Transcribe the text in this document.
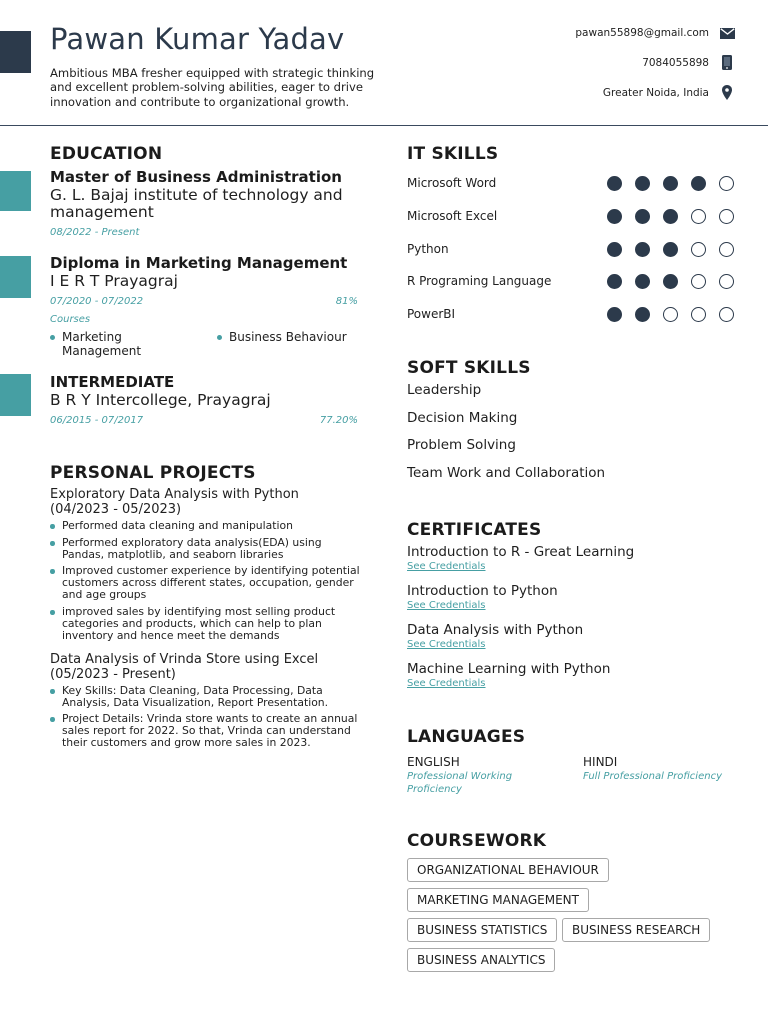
Pawan Kumar Yadav

Ambitious MBA fresher equipped with strategic thinking and excellent problem-solving abilities, eager to drive innovation and contribute to organizational growth.

pawan55898@gmail.com
7084055898
Greater Noida, India
EDUCATION
Master of Business Administration
G. L. Bajaj institute of technology and management
08/2022 - Present
Diploma in Marketing Management
I E R T Prayagraj
07/2020 - 07/2022	81%
Courses
Marketing Management
Business Behaviour
INTERMEDIATE
B R Y Intercollege, Prayagraj
06/2015 - 07/2017	77.20%
PERSONAL PROJECTS
Exploratory Data Analysis with Python (04/2023 - 05/2023)
Performed data cleaning and manipulation
Performed exploratory data analysis(EDA) using Pandas, matplotlib, and seaborn libraries
Improved customer experience by identifying potential customers across different states, occupation, gender and age groups
improved sales by identifying most selling product categories and products, which can help to plan inventory and hence meet the demands
Data Analysis of Vrinda Store using Excel (05/2023 - Present)
Key Skills: Data Cleaning, Data Processing, Data Analysis, Data Visualization, Report Presentation.
Project Details: Vrinda store wants to create an annual sales report for 2022. So that, Vrinda can understand their customers and grow more sales in 2023.
IT SKILLS
Microsoft Word
Microsoft Excel
Python
R Programing Language
PowerBI
SOFT SKILLS
Leadership
Decision Making
Problem Solving
Team Work and Collaboration
CERTIFICATES
Introduction to R - Great Learning
See Credentials
Introduction to Python
See Credentials
Data Analysis with Python
See Credentials
Machine Learning with Python
See Credentials
LANGUAGES
ENGLISH
Professional Working Proficiency
HINDI
Full Professional Proficiency
COURSEWORK
ORGANIZATIONAL BEHAVIOUR
MARKETING MANAGEMENT
BUSINESS STATISTICS	BUSINESS RESEARCH
BUSINESS ANALYTICS
